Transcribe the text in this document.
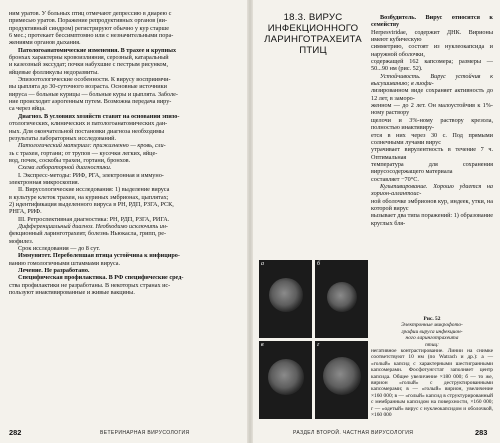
ним уратов. У больных птиц отмечают депрессию в диарею с

примесью уратов. Поражение репродуктивных органов (яи-

продуктивный синдром) регистрируют обычно у кур старше

6 мес.; протекает бессимптомно или с незначительными пора-

жениями органов дыхания.

Патологоанатомические изменения. В трахее и крупных

бронхах характерны кровоизлияния, серозный, катаральный

и казеозный экссудат; почки набухшие с пестрым рисунком,

яйцевые фолликулы недоразвиты.

Эпизоотологические особенности. К вирусу восприимчи-

вы цыплята до 30-суточного возраста. Основные источники

вируса — больные курицы — больные куры и цыплята. Заболе-

ние происходит аэрогенным путем. Возможна передача виру-

са через яйца.

Диагноз. В условиях хозяйств ставят на основании эпизо-

отологических, клинических и патологоанатомических дан-

ных. Для окончательной постановки диагноза необходимы

результаты лабораторных исследований.

Патологический материал: прижизненно — кровь, сли-

зь с трахеи, гортани; от трупов — кусочки легких, яйце-

вод, почек, соскобы трахеи, гортани, бронхов.

Схема лабораторной диагностики.

I. Экспресс-методы: РИФ, РГА, электронная и иммуно-

электронная микроскопия.

II. Вирусологические исследования: 1) выделение вируса

в культуре клеток трахеи, на куриных эмбрионах, цыплятах;

2) идентификация выделенного вируса в РН, РДП, РЗГА, РСК,

РНГА, РИФ.

III. Ретроспективная диагностика: РН, РДП, РЗГА, РИГА.

Дифференциальный диагноз. Необходимо исключить ин-

фекционный ларинготрахеит, болезнь Ньюкасла, грипп, ре-

мофилез.

Срок исследования — до 8 сут.

Иммунитет. Переболевшая птица устойчива к инфициро-

ванию гомологичными штаммами вируса.

Лечение. Не разработано.

Специфическая профилактика. В РФ специфические сред-

ства профилактики не разработаны. В некоторых странах ис-

пользуют инактивированные и живые вакцины.

282	ВЕТЕРИНАРНАЯ ВИРУСОЛОГИЯ
18.3. ВИРУС ИНФЕКЦИОННОГО
ЛАРИНГОТРАХЕИТА ПТИЦ

Возбудитель. Вирус относится к семейству

Herpesviridae, содержит ДНК. Вирионы имеют кубическую

симметрию, состоят из нуклеокапсида и наружной оболочки,

содержащей 162 капсомера; размеры — 50...90 нм (рис. 52).

Устойчивость. Вирус устойчив к высушиванию; в лиофи-

лизированном виде сохраняет активность до 12 лет, в заморо-

женном — до 2 лет. Он малоустойчив к 1%-ному раствору

щелочи и 3%-ному раствору крезола, полностью инактивиру-

ется в них через 30 с. Под прямыми солнечными лучами вирус

утрачивает вирулентность в течение 7 ч. Оптимальная

температура для сохранения вирусосодержащего материала

составляет −70°С.

Культивирование. Хорошо удается на хорион-аллантоис-

ной оболочке эмбрионов кур, индеек, утки, на которой вирус

вызывает два типа поражений: 1) образование круглых бля-

а	б
в	г
Рис. 52
Электронные микрофото-
графии вируса инфекцион-
ного ларинготрахеита
птиц:
негативное контрастирование. Линии на снимке соответствуют 10 нм (по Watrach и др.): а — «голый» капсид с характерными шестигранными капсомерами. Фосфотунгстат заполняет центр капсида. Общее увеличение ×180 000; б — то же, вирион «голый» с деструктированными капсомерами; в — «голый» вирион, увеличение ×160 000; в — «голый» капсид в структурированный с мембранным капсидом на поверхности, ×160 000; г — «одетый» вирус с нуклеокапсидом и оболочкой, ×160 000
РАЗДЕЛ ВТОРОЙ. ЧАСТНАЯ ВИРУСОЛОГИЯ	283
